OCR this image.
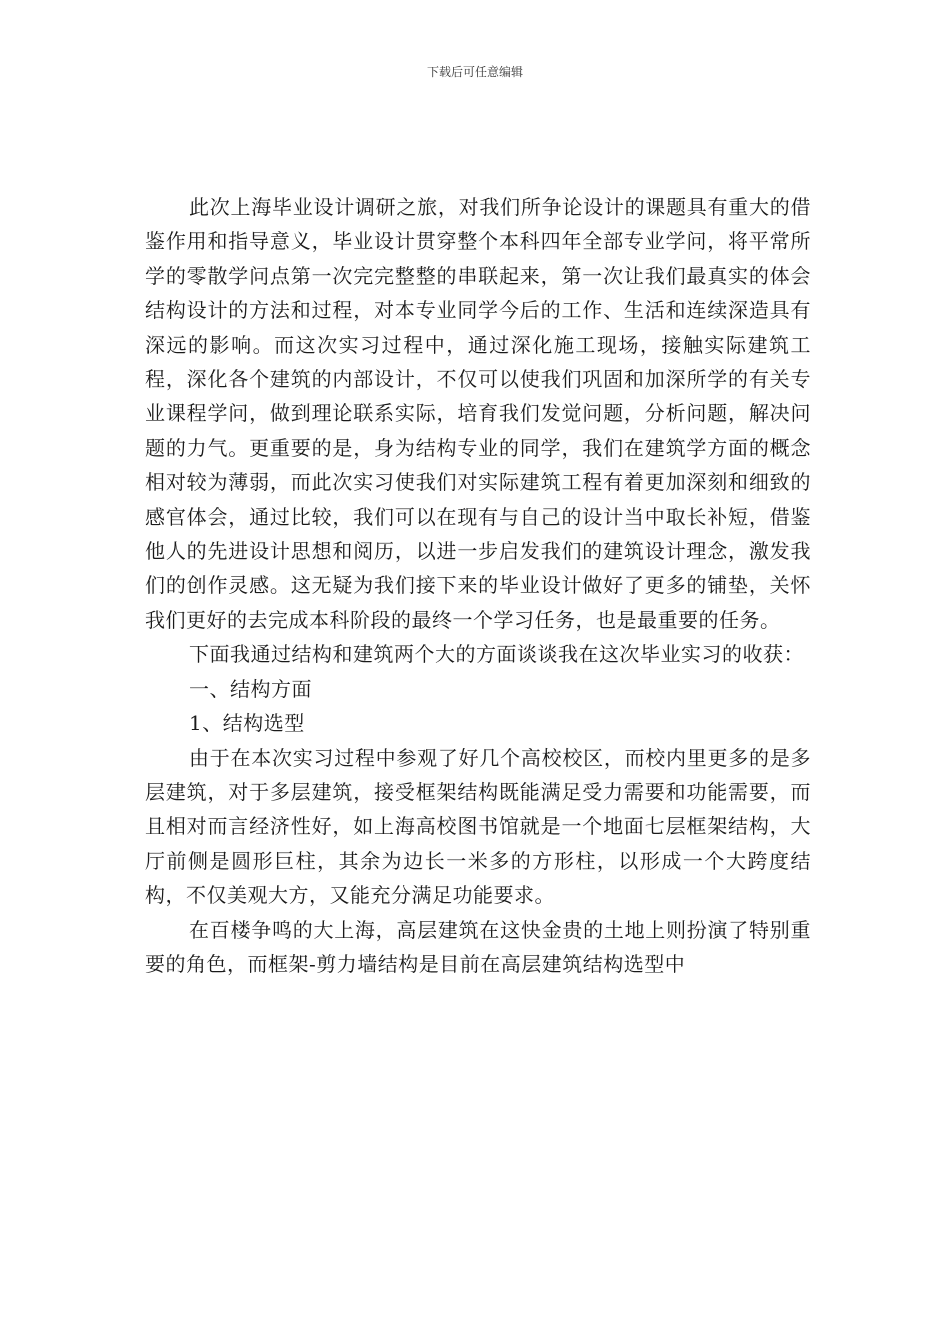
下载后可任意编辑

此次上海毕业设计调研之旅，对我们所争论设计的课题具有重大的借鉴作用和指导意义，毕业设计贯穿整个本科四年全部专业学问，将平常所学的零散学问点第一次完完整整的串联起来，第一次让我们最真实的体会结构设计的方法和过程，对本专业同学今后的工作、生活和连续深造具有深远的影响。而这次实习过程中，通过深化施工现场，接触实际建筑工程，深化各个建筑的内部设计，不仅可以使我们巩固和加深所学的有关专业课程学问，做到理论联系实际，培育我们发觉问题，分析问题，解决问题的力气。更重要的是，身为结构专业的同学，我们在建筑学方面的概念相对较为薄弱，而此次实习使我们对实际建筑工程有着更加深刻和细致的感官体会，通过比较，我们可以在现有与自己的设计当中取长补短，借鉴他人的先进设计思想和阅历，以进一步启发我们的建筑设计理念，激发我们的创作灵感。这无疑为我们接下来的毕业设计做好了更多的铺垫，关怀我们更好的去完成本科阶段的最终一个学习任务，也是最重要的任务。

下面我通过结构和建筑两个大的方面谈谈我在这次毕业实习的收获：

一、结构方面

1、结构选型

由于在本次实习过程中参观了好几个高校校区，而校内里更多的是多层建筑，对于多层建筑，接受框架结构既能满足受力需要和功能需要，而且相对而言经济性好，如上海高校图书馆就是一个地面七层框架结构，大厅前侧是圆形巨柱，其余为边长一米多的方形柱，以形成一个大跨度结构，不仅美观大方，又能充分满足功能要求。

在百楼争鸣的大上海，高层建筑在这快金贵的土地上则扮演了特别重要的角色，而框架-剪力墙结构是目前在高层建筑结构选型中
